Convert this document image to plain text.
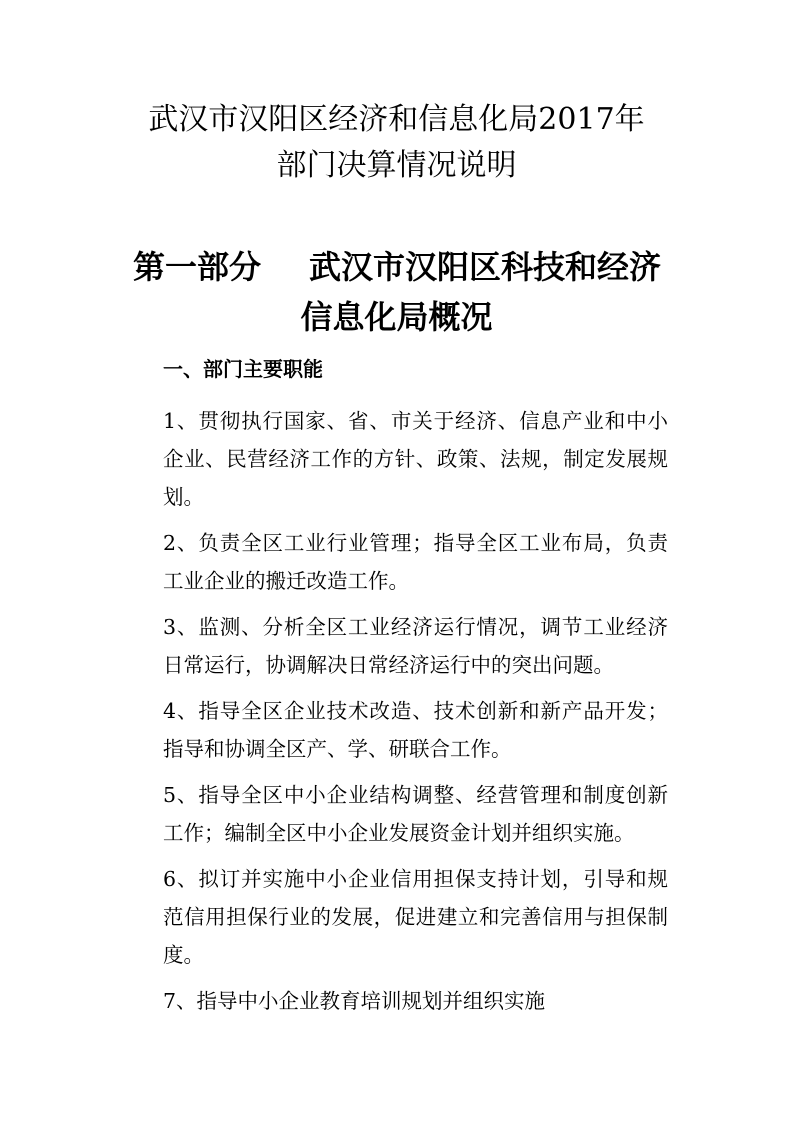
武汉市汉阳区经济和信息化局2017年
部门决算情况说明
第一部分 武汉市汉阳区科技和经济
信息化局概况
一、部门主要职能

1、贯彻执行国家、省、市关于经济、信息产业和中小企业、民营经济工作的方针、政策、法规，制定发展规划。

2、负责全区工业行业管理；指导全区工业布局，负责工业企业的搬迁改造工作。

3、监测、分析全区工业经济运行情况，调节工业经济日常运行，协调解决日常经济运行中的突出问题。

4、指导全区企业技术改造、技术创新和新产品开发；指导和协调全区产、学、研联合工作。

5、指导全区中小企业结构调整、经营管理和制度创新工作；编制全区中小企业发展资金计划并组织实施。

6、拟订并实施中小企业信用担保支持计划，引导和规范信用担保行业的发展，促进建立和完善信用与担保制度。

7、指导中小企业教育培训规划并组织实施
